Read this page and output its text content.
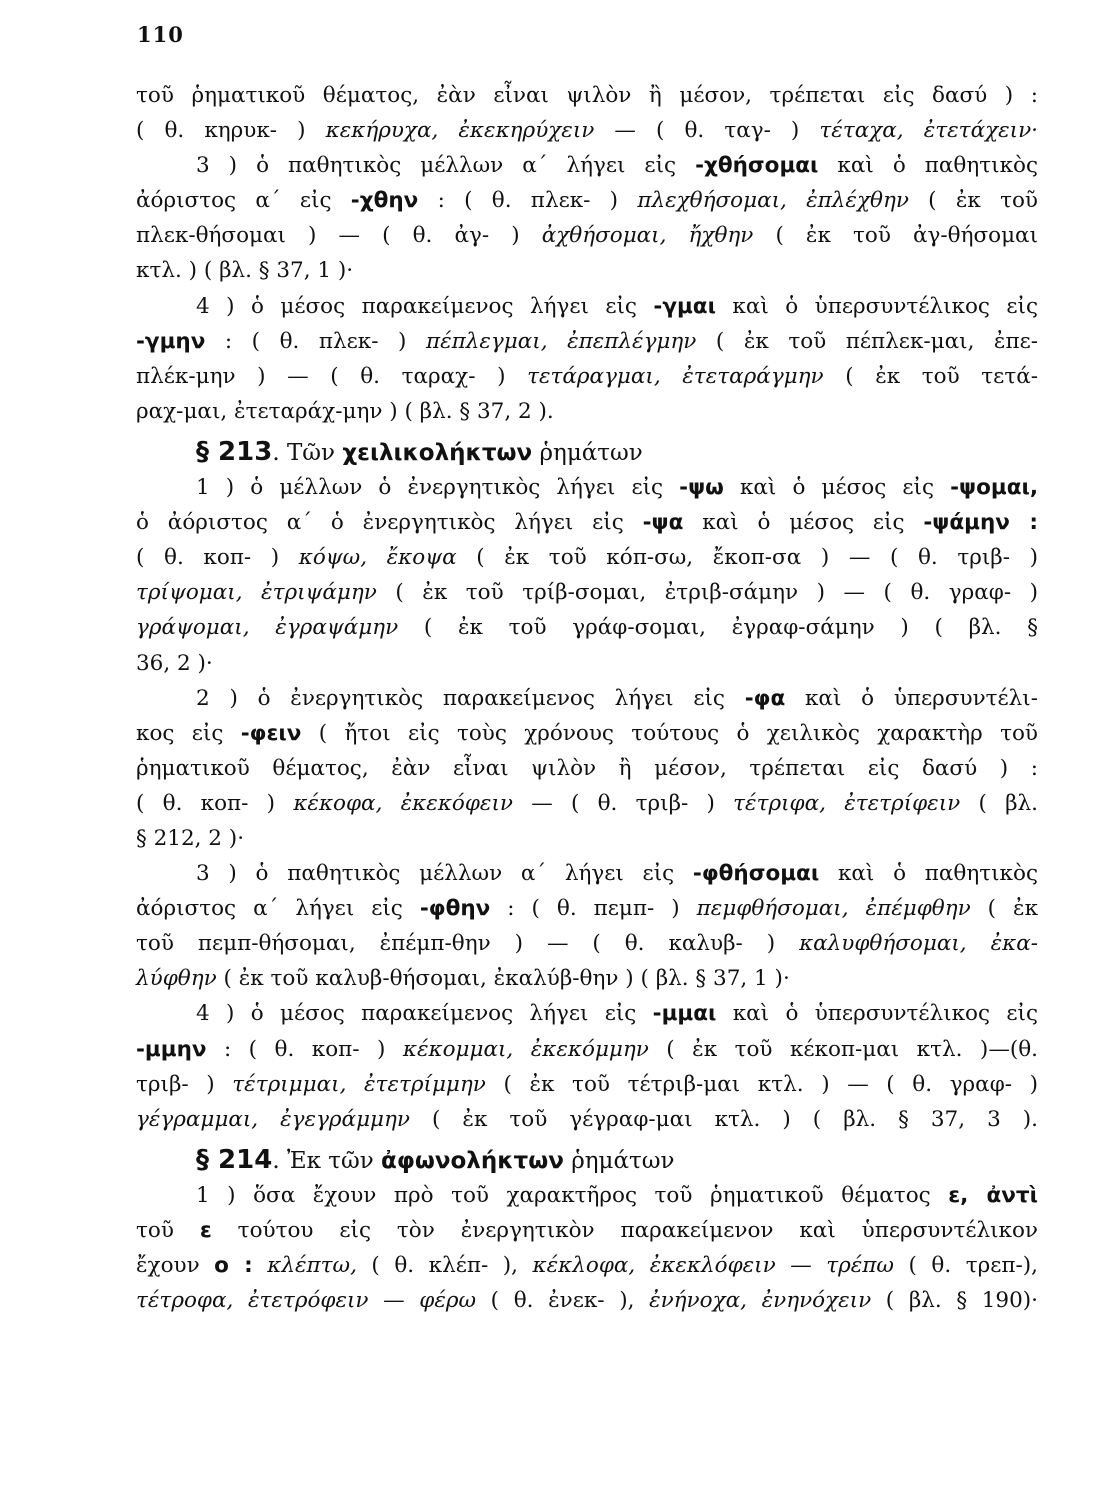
110
τοῦ ῥηματικοῦ θέματος, ἐὰν εἶναι ψιλὸν ἢ μέσον, τρέπεται εἰς δασύ ) :
( θ. κηρυκ- ) κεκήρυχα, ἐκεκηρύχειν — ( θ. ταγ- ) τέταχα, ἐτετάχειν·
3 ) ὁ παθητικὸς μέλλων α΄ λήγει εἰς -χθήσομαι καὶ ὁ παθητικὸς
ἀόριστος α΄ εἰς -χθην : ( θ. πλεκ- ) πλεχθήσομαι, ἐπλέχθην ( ἐκ τοῦ
πλεκ-θήσομαι ) — ( θ. ἀγ- ) ἀχθήσομαι, ἤχθην ( ἐκ τοῦ ἀγ-θήσομαι
κτλ. ) ( βλ. § 37, 1 )·
4 ) ὁ μέσος παρακείμενος λήγει εἰς -γμαι καὶ ὁ ὑπερσυντέλικος εἰς
-γμην : ( θ. πλεκ- ) πέπλεγμαι, ἐπεπλέγμην ( ἐκ τοῦ πέπλεκ-μαι, ἐπε-
πλέκ-μην ) — ( θ. ταραχ- ) τετάραγμαι, ἐτεταράγμην ( ἐκ τοῦ τετά-
ραχ-μαι, ἐτεταράχ-μην ) ( βλ. § 37, 2 ).
§ 213. Τῶν χειλικολήκτων ῥημάτων
1 ) ὁ μέλλων ὁ ἐνεργητικὸς λήγει εἰς -ψω καὶ ὁ μέσος εἰς -ψομαι,
ὁ ἀόριστος α΄ ὁ ἐνεργητικὸς λήγει εἰς -ψα καὶ ὁ μέσος εἰς -ψάμην :
( θ. κοπ- ) κόψω, ἔκοψα ( ἐκ τοῦ κόπ-σω, ἔκοπ-σα ) — ( θ. τριβ- )
τρίψομαι, ἐτριψάμην ( ἐκ τοῦ τρίβ-σομαι, ἐτριβ-σάμην ) — ( θ. γραφ- )
γράψομαι, ἐγραψάμην ( ἐκ τοῦ γράφ-σομαι, ἐγραφ-σάμην ) ( βλ. §
36, 2 )·
2 ) ὁ ἐνεργητικὸς παρακείμενος λήγει εἰς -φα καὶ ὁ ὑπερσυντέλι-
κος εἰς -φειν ( ἤτοι εἰς τοὺς χρόνους τούτους ὁ χειλικὸς χαρακτὴρ τοῦ
ῥηματικοῦ θέματος, ἐὰν εἶναι ψιλὸν ἢ μέσον, τρέπεται εἰς δασύ ) :
( θ. κοπ- ) κέκοφα, ἐκεκόφειν — ( θ. τριβ- ) τέτριφα, ἐτετρίφειν ( βλ.
§ 212, 2 )·
3 ) ὁ παθητικὸς μέλλων α΄ λήγει εἰς -φθήσομαι καὶ ὁ παθητικὸς
ἀόριστος α΄ λήγει εἰς -φθην : ( θ. πεμπ- ) πεμφθήσομαι, ἐπέμφθην ( ἐκ
τοῦ πεμπ-θήσομαι, ἐπέμπ-θην ) — ( θ. καλυβ- ) καλυφθήσομαι, ἐκα-
λύφθην ( ἐκ τοῦ καλυβ-θήσομαι, ἐκαλύβ-θην ) ( βλ. § 37, 1 )·
4 ) ὁ μέσος παρακείμενος λήγει εἰς -μμαι καὶ ὁ ὑπερσυντέλικος εἰς
-μμην : ( θ. κοπ- ) κέκομμαι, ἐκεκόμμην ( ἐκ τοῦ κέκοπ-μαι κτλ. )—(θ.
τριβ- ) τέτριμμαι, ἐτετρίμμην ( ἐκ τοῦ τέτριβ-μαι κτλ. ) — ( θ. γραφ- )
γέγραμμαι, ἐγεγράμμην ( ἐκ τοῦ γέγραφ-μαι κτλ. ) ( βλ. § 37, 3 ).
§ 214. Ἐκ τῶν ἀφωνολήκτων ῥημάτων
1 ) ὅσα ἔχουν πρὸ τοῦ χαρακτῆρος τοῦ ῥηματικοῦ θέματος ε, ἀντὶ
τοῦ ε τούτου εἰς τὸν ἐνεργητικὸν παρακείμενον καὶ ὑπερσυντέλικον
ἔχουν ο : κλέπτω, ( θ. κλέπ- ), κέκλοφα, ἐκεκλόφειν — τρέπω ( θ. τρεπ-),
τέτροφα, ἐτετρόφειν — φέρω ( θ. ἐνεκ- ), ἐνήνοχα, ἐνηνόχειν ( βλ. § 190)·
